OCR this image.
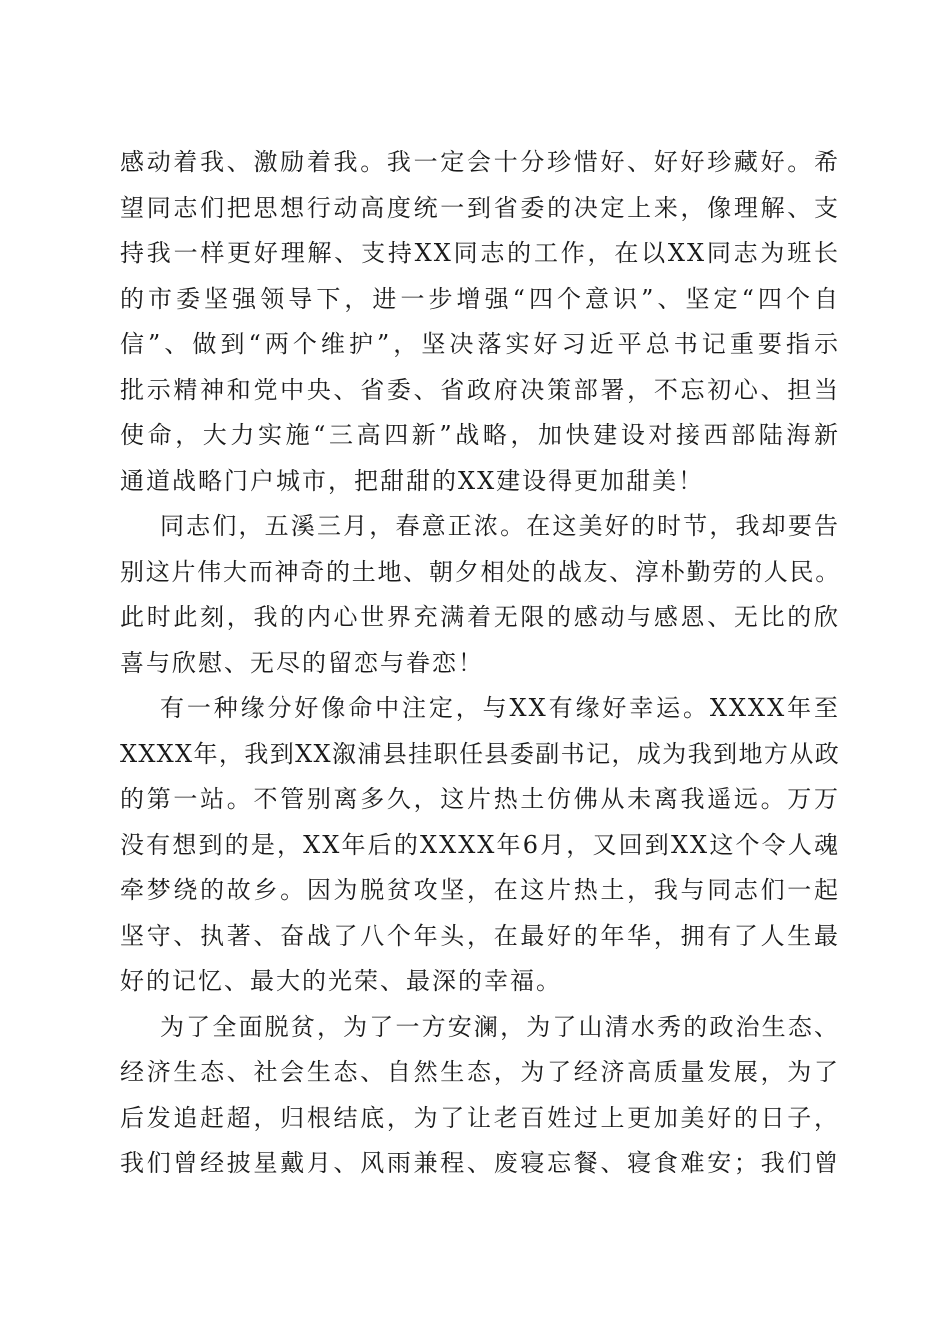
感动着我、激励着我。我一定会十分珍惜好、好好珍藏好。希
望同志们把思想行动高度统一到省委的决定上来，像理解、支
持我一样更好理解、支持XX同志的工作，在以XX同志为班长
的市委坚强领导下，进一步增强“四个意识”、坚定“四个自
信”、做到“两个维护”，坚决落实好习近平总书记重要指示
批示精神和党中央、省委、省政府决策部署，不忘初心、担当
使命，大力实施“三高四新”战略，加快建设对接西部陆海新
通道战略门户城市，把甜甜的XX建设得更加甜美！
同志们，五溪三月，春意正浓。在这美好的时节，我却要告
别这片伟大而神奇的土地、朝夕相处的战友、淳朴勤劳的人民。
此时此刻，我的内心世界充满着无限的感动与感恩、无比的欣
喜与欣慰、无尽的留恋与眷恋！
有一种缘分好像命中注定，与XX有缘好幸运。XXXX年至
XXXX年，我到XX溆浦县挂职任县委副书记，成为我到地方从政
的第一站。不管别离多久，这片热土仿佛从未离我遥远。万万
没有想到的是，XX年后的XXXX年6月，又回到XX这个令人魂
牵梦绕的故乡。因为脱贫攻坚，在这片热土，我与同志们一起
坚守、执著、奋战了八个年头，在最好的年华，拥有了人生最
好的记忆、最大的光荣、最深的幸福。
为了全面脱贫，为了一方安澜，为了山清水秀的政治生态、
经济生态、社会生态、自然生态，为了经济高质量发展，为了
后发追赶超，归根结底，为了让老百姓过上更加美好的日子，
我们曾经披星戴月、风雨兼程、废寝忘餐、寝食难安；我们曾
